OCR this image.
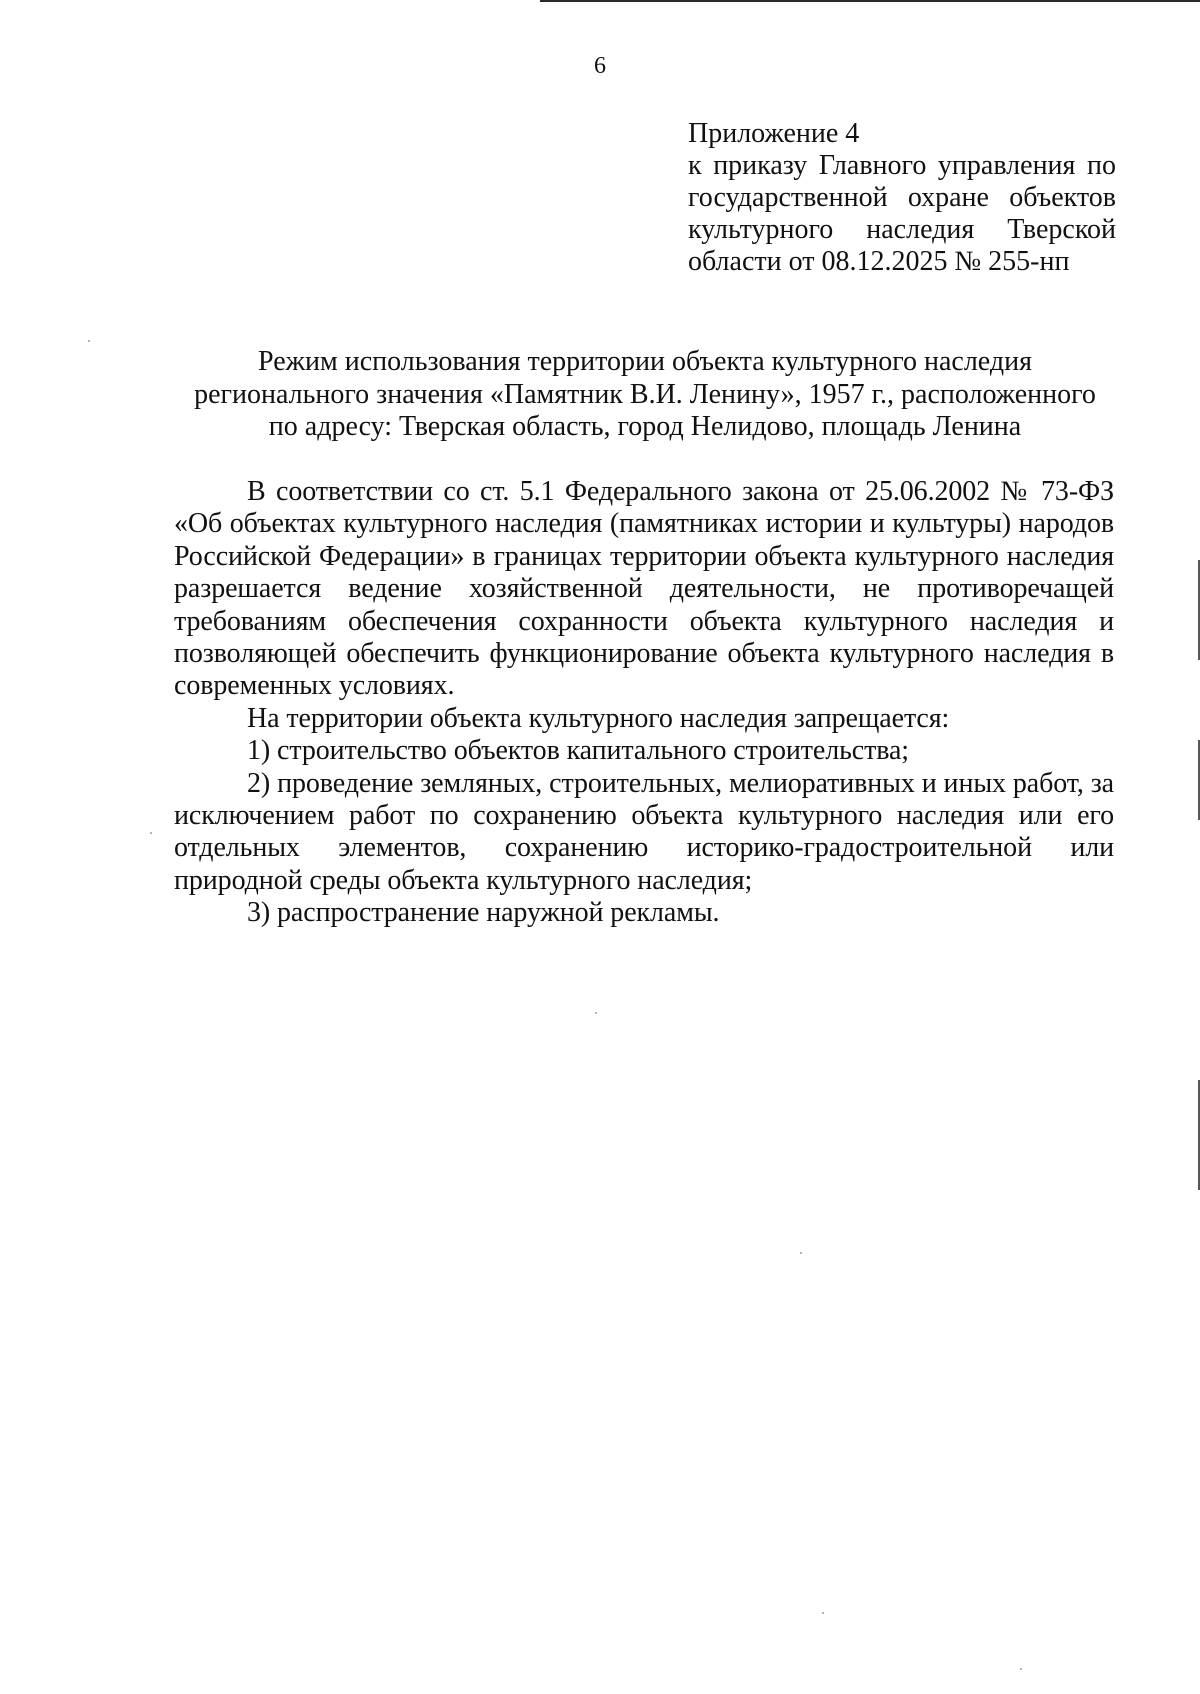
6
Приложение 4
к приказу Главного управления по государственной охране объектов культурного наследия Тверской области от 08.12.2025 № 255-нп
Режим использования территории объекта культурного наследия
регионального значения «Памятник В.И. Ленину», 1957 г., расположенного
по адресу: Тверская область, город Нелидово, площадь Ленина

В соответствии со ст. 5.1 Федерального закона от 25.06.2002 № 73-ФЗ «Об объектах культурного наследия (памятниках истории и культуры) народов Российской Федерации» в границах территории объекта культурного наследия разрешается ведение хозяйственной деятельности, не противоречащей требованиям обеспечения сохранности объекта культурного наследия и позволяющей обеспечить функционирование объекта культурного наследия в современных условиях.

На территории объекта культурного наследия запрещается:

1) строительство объектов капитального строительства;

2) проведение земляных, строительных, мелиоративных и иных работ, за исключением работ по сохранению объекта культурного наследия или его отдельных элементов, сохранению историко-градостроительной или природной среды объекта культурного наследия;

3) распространение наружной рекламы.
